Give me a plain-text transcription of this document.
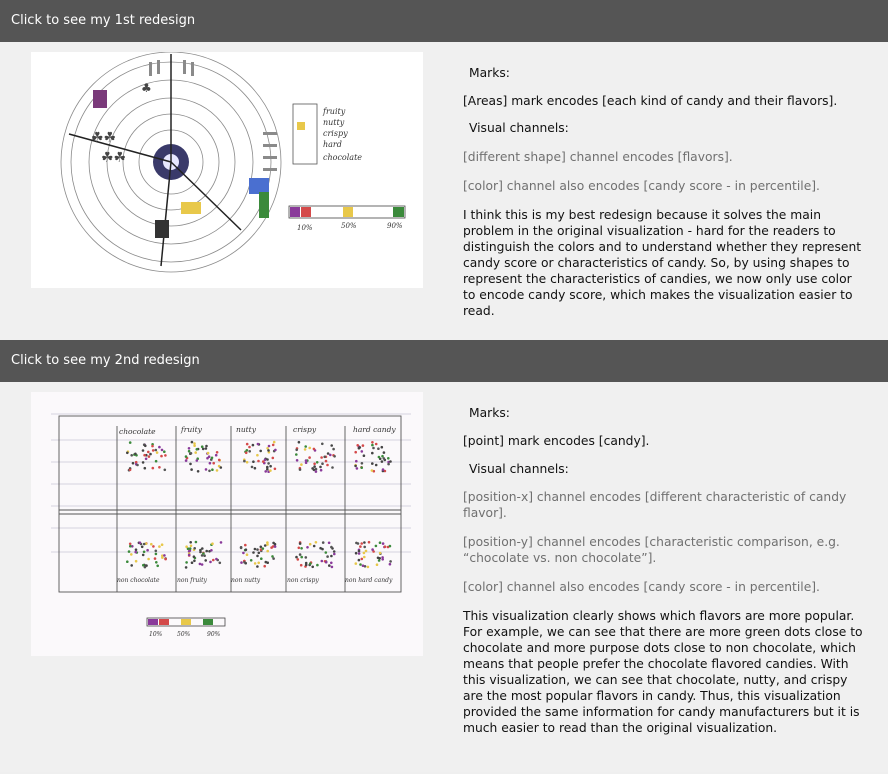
Click to see my 1st redesign
☘☘
☘☘
♣
fruity
nutty
crispy
hard
chocolate
10%	50%	90%

Marks:

[Areas] mark encodes [each kind of candy and their flavors].

Visual channels:

[different shape] channel encodes [flavors].

[color] channel also encodes [candy score - in percentile].

I think this is my best redesign because it solves the main problem in the original visualization - hard for the readers to distinguish the colors and to understand whether they represent candy score or characteristics of candy. So, by using shapes to represent the characteristics of candies, we now only use color to encode candy score, which makes the visualization easier to read.

Click to see my 2nd redesign
chocolate	fruity	nutty	crispy	hard candy
non chocolate	non fruity	non nutty	non crispy	non hard candy
10% 50%	90%

Marks:

[point] mark encodes [candy].

Visual channels:

[position-x] channel encodes [different characteristic of candy flavor].

[position-y] channel encodes [characteristic comparison, e.g. “chocolate vs. non chocolate”].

[color] channel also encodes [candy score - in percentile].

This visualization clearly shows which flavors are more popular. For example, we can see that there are more green dots close to chocolate and more purpose dots close to non chocolate, which means that people prefer the chocolate flavored candies. With this visualization, we can see that chocolate, nutty, and crispy are the most popular flavors in candy. Thus, this visualization provided the same information for candy manufacturers but it is much easier to read than the original visualization.
